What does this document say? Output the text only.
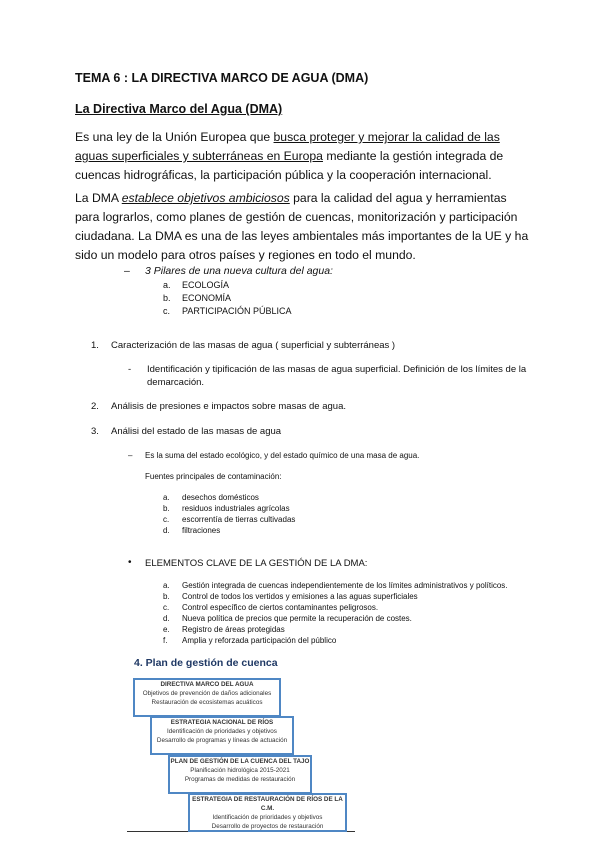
TEMA 6 : LA DIRECTIVA MARCO DE AGUA (DMA)
La Directiva Marco del Agua (DMA)
Es una ley de la Unión Europea que busca proteger y mejorar la calidad de las aguas superficiales y subterráneas en Europa mediante la gestión integrada de cuencas hidrográficas, la participación pública y la cooperación internacional.
La DMA establece objetivos ambiciosos para la calidad del agua y herramientas para lograrlos, como planes de gestión de cuencas, monitorización y participación ciudadana. La DMA es una de las leyes ambientales más importantes de la UE y ha sido un modelo para otros países y regiones en todo el mundo.
– 3 Pilares de una nueva cultura del agua:
- Identificación y tipificación de las masas de agua superficial. Definición de los límites de la
demarcación.
– Es la suma del estado ecológico, y del estado químico de una masa de agua.
Fuentes principales de contaminación:
• ELEMENTOS CLAVE DE LA GESTIÓN DE LA DMA:
4. Plan de gestión de cuenca
a. ECOLOGÍA
b. ECONOMÍA
c. PARTICIPACIÓN PÚBLICA
1. Caracterización de las masas de agua ( superficial y subterráneas )
2. Análisis de presiones e impactos sobre masas de agua.
3. Análisi del estado de las masas de agua
a. desechos domésticos
b. residuos industriales agrícolas
c. escorrentía de tierras cultivadas
d. filtraciones
a. Gestión integrada de cuencas independientemente de los límites administrativos y políticos.
b. Control de todos los vertidos y emisiones a las aguas superficiales
c. Control específico de ciertos contaminantes peligrosos.
d. Nueva política de precios que permite la recuperación de costes.
e. Registro de áreas protegidas
f. Amplia y reforzada participación del público
DIRECTIVA MARCO DEL AGUA
Objetivos de prevención de daños adicionales
Restauración de ecosistemas acuáticos
ESTRATEGIA NACIONAL DE RÍOS
Identificación de prioridades y objetivos
Desarrollo de programas y líneas de actuación
PLAN DE GESTIÓN DE LA CUENCA DEL TAJO
Planificación hidrológica 2015-2021
Programas de medidas de restauración
ESTRATEGIA DE RESTAURACIÓN DE RÍOS DE LA C.M.
Identificación de prioridades y objetivos
Desarrollo de proyectos de restauración
